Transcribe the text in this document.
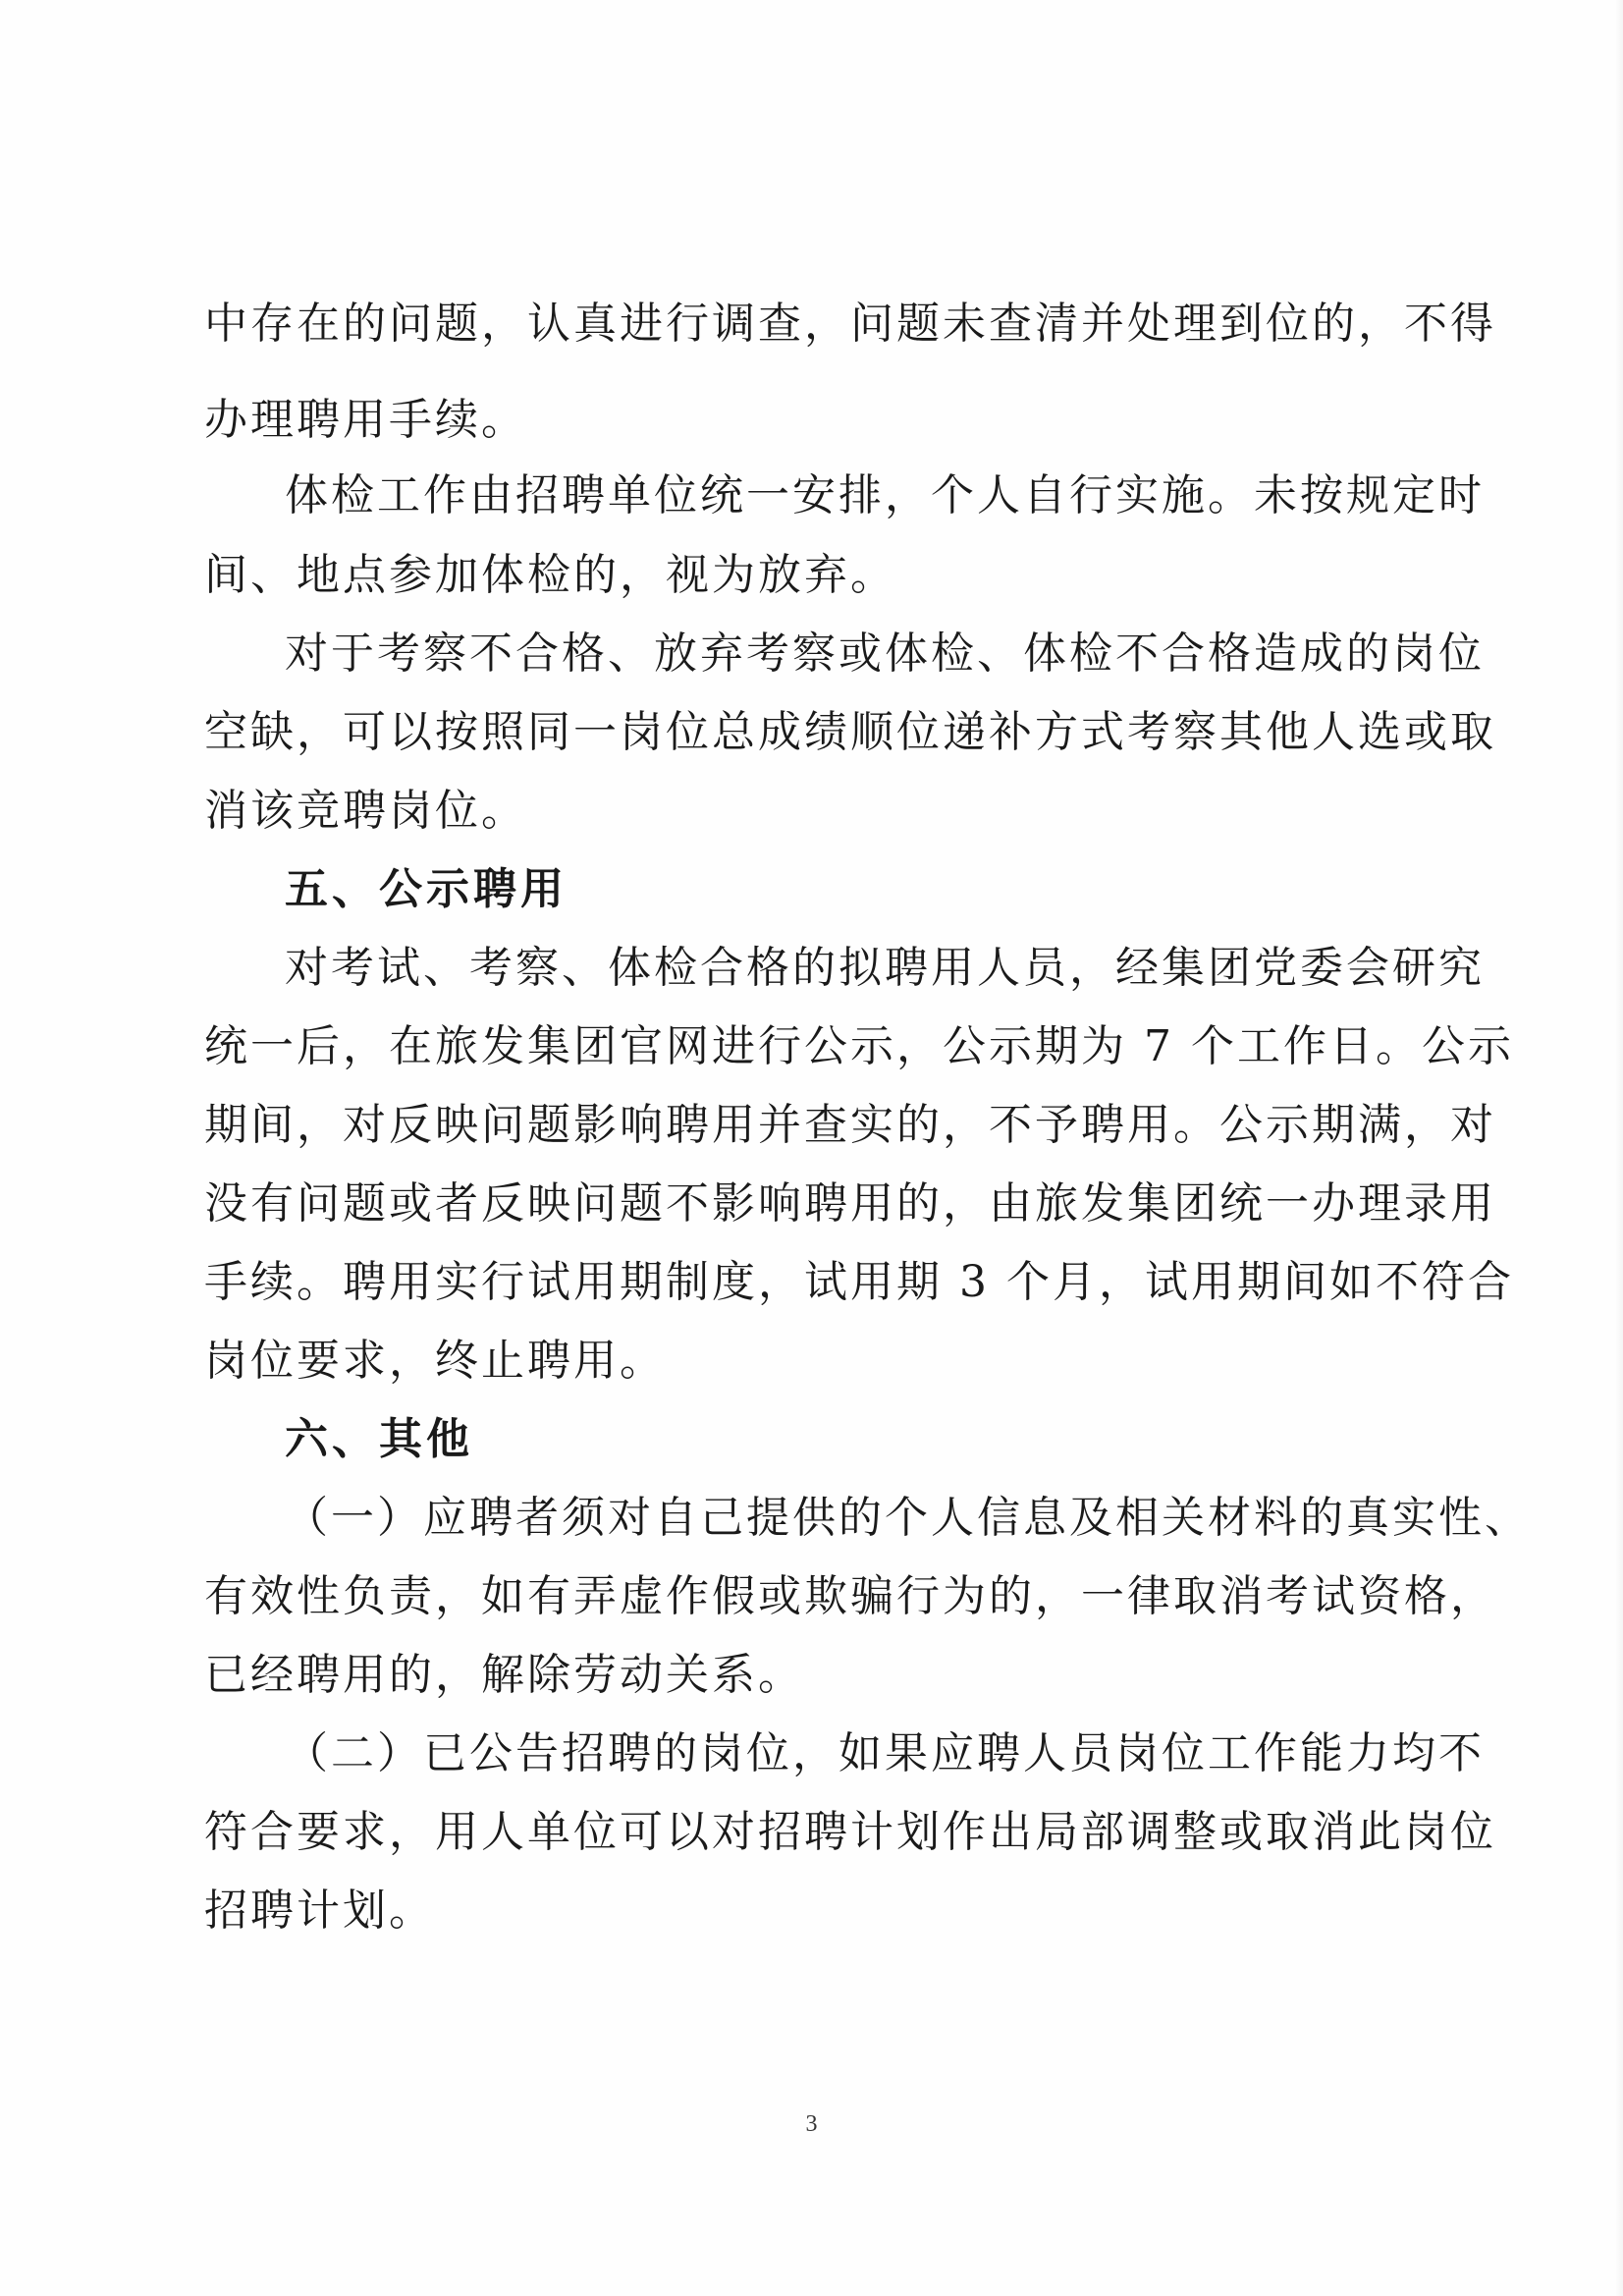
中存在的问题，认真进行调查，问题未查清并处理到位的，不得
办理聘用手续。
体检工作由招聘单位统一安排，个人自行实施。未按规定时
间、地点参加体检的，视为放弃。
对于考察不合格、放弃考察或体检、体检不合格造成的岗位
空缺，可以按照同一岗位总成绩顺位递补方式考察其他人选或取
消该竞聘岗位。
五、公示聘用
对考试、考察、体检合格的拟聘用人员，经集团党委会研究
统一后，在旅发集团官网进行公示，公示期为 7 个工作日。公示
期间，对反映问题影响聘用并查实的，不予聘用。公示期满，对
没有问题或者反映问题不影响聘用的，由旅发集团统一办理录用
手续。聘用实行试用期制度，试用期 3 个月，试用期间如不符合
岗位要求，终止聘用。
六、其他
（一）应聘者须对自己提供的个人信息及相关材料的真实性、
有效性负责，如有弄虚作假或欺骗行为的，一律取消考试资格，
已经聘用的，解除劳动关系。
（二）已公告招聘的岗位，如果应聘人员岗位工作能力均不
符合要求，用人单位可以对招聘计划作出局部调整或取消此岗位
招聘计划。
3
